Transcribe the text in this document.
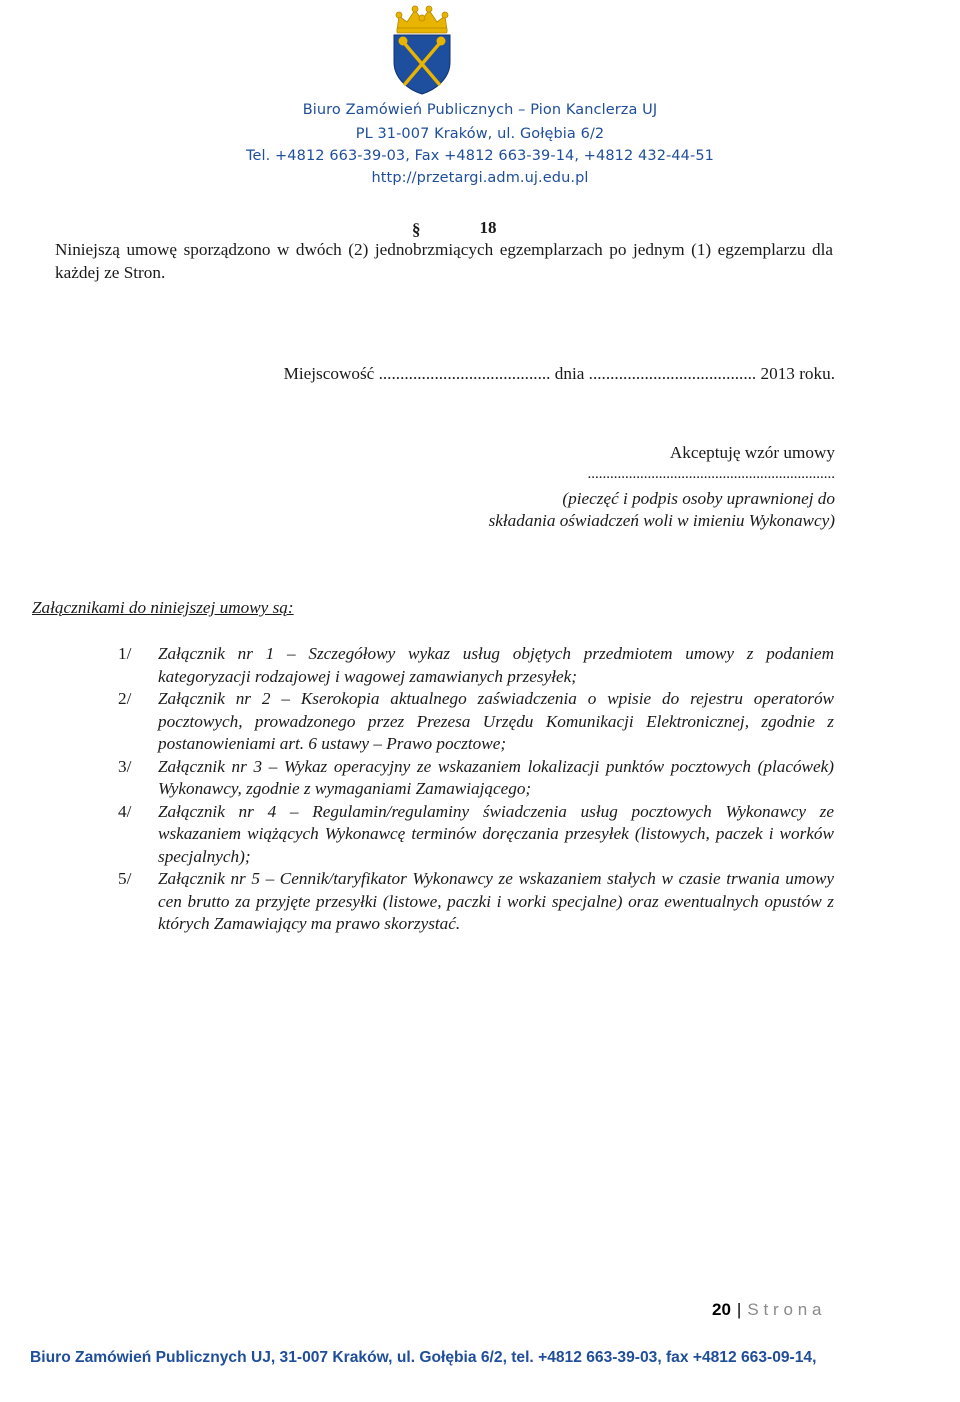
Biuro Zamówień Publicznych – Pion Kanclerza UJ
PL 31-007 Kraków, ul. Gołębia 6/2
Tel. +4812 663-39-03, Fax +4812 663-39-14, +4812 432-44-51
http://przetargi.adm.uj.edu.pl
§	18
Niniejszą umowę sporządzono w dwóch (2) jednobrzmiących egzemplarzach po jednym (1) egzemplarzu dla każdej ze Stron.
Miejscowość ........................................ dnia ....................................... 2013 roku.
Akceptuję wzór umowy
..................................................................
(pieczęć i podpis osoby uprawnionej do
składania oświadczeń woli w imieniu Wykonawcy)
Załącznikami do niniejszej umowy są:
1/ Załącznik nr 1 – Szczegółowy wykaz usług objętych przedmiotem umowy z podaniem kategoryzacji rodzajowej i wagowej zamawianych przesyłek;
2/ Załącznik nr 2 – Kserokopia aktualnego zaświadczenia o wpisie do rejestru operatorów pocztowych, prowadzonego przez Prezesa Urzędu Komunikacji Elektronicznej, zgodnie z postanowieniami art. 6 ustawy – Prawo pocztowe;
3/ Załącznik nr 3 – Wykaz operacyjny ze wskazaniem lokalizacji punktów pocztowych (placówek) Wykonawcy, zgodnie z wymaganiami Zamawiającego;
4/ Załącznik nr 4 – Regulamin/regulaminy świadczenia usług pocztowych Wykonawcy ze wskazaniem wiążących Wykonawcę terminów doręczania przesyłek (listowych, paczek i worków specjalnych);
5/ Załącznik nr 5 – Cennik/taryfikator Wykonawcy ze wskazaniem stałych w czasie trwania umowy cen brutto za przyjęte przesyłki (listowe, paczki i worki specjalne) oraz ewentualnych opustów z których Zamawiający ma prawo skorzystać.
20 | Strona
Biuro Zamówień Publicznych UJ, 31-007 Kraków, ul. Gołębia 6/2, tel. +4812 663-39-03, fax +4812 663-09-14,
